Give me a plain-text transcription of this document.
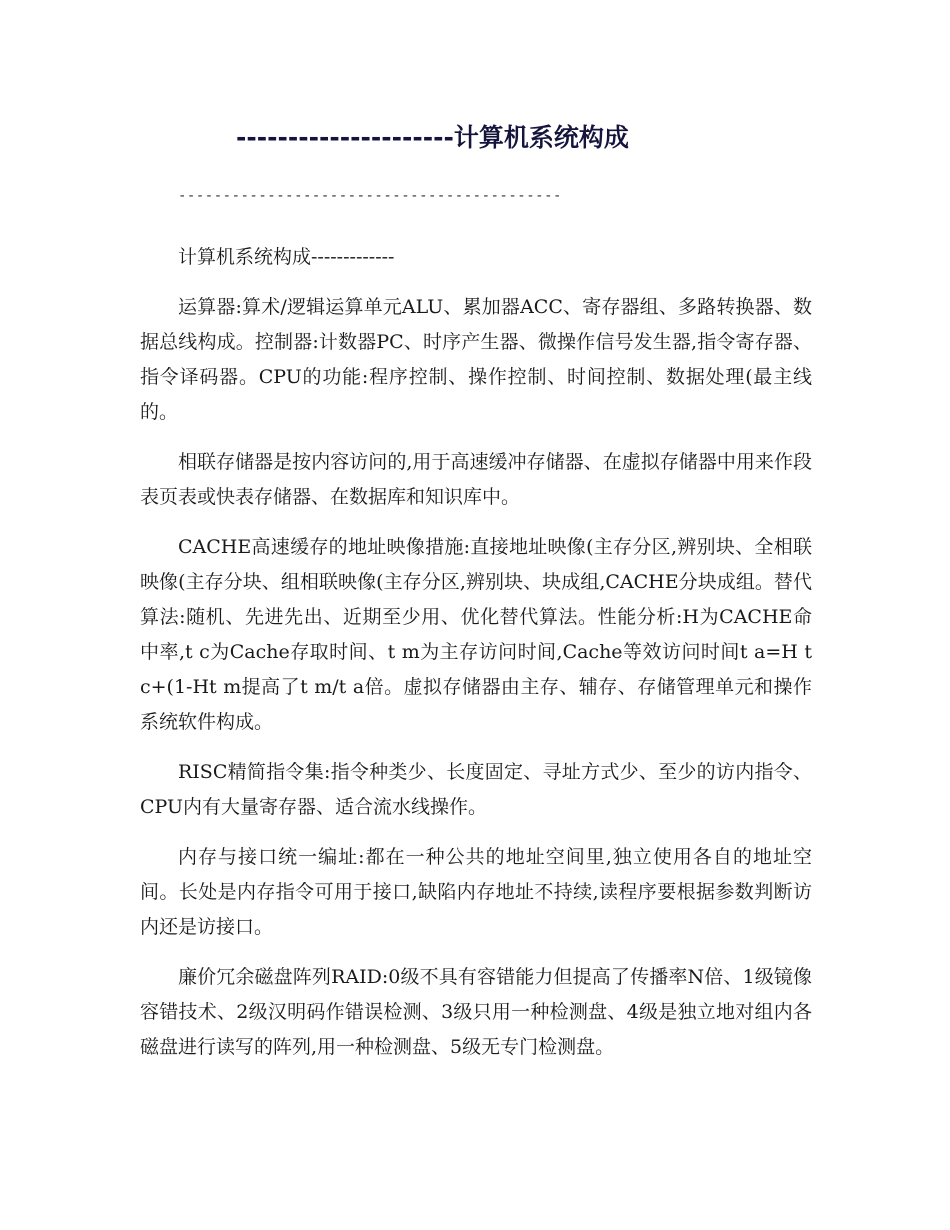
---------------------计算机系统构成
-------------------------------------------

计算机系统构成-------------

运算器:算术/逻辑运算单元ALU、累加器ACC、寄存器组、多路转换器、数据总线构成。控制器:计数器PC、时序产生器、微操作信号发生器,指令寄存器、指令译码器。CPU的功能:程序控制、操作控制、时间控制、数据处理(最主线的。

相联存储器是按内容访问的,用于高速缓冲存储器、在虚拟存储器中用来作段表页表或快表存储器、在数据库和知识库中。

CACHE高速缓存的地址映像措施:直接地址映像(主存分区,辨别块、全相联映像(主存分块、组相联映像(主存分区,辨别块、块成组,CACHE分块成组。替代算法:随机、先进先出、近期至少用、优化替代算法。性能分析:H为CACHE命中率,t c为Cache存取时间、t m为主存访问时间,Cache等效访问时间t a=H t c+(1-Ht m提高了t m/t a倍。虚拟存储器由主存、辅存、存储管理单元和操作系统软件构成。

RISC精简指令集:指令种类少、长度固定、寻址方式少、至少的访内指令、CPU内有大量寄存器、适合流水线操作。

内存与接口统一编址:都在一种公共的地址空间里,独立使用各自的地址空间。长处是内存指令可用于接口,缺陷内存地址不持续,读程序要根据参数判断访内还是访接口。

廉价冗余磁盘阵列RAID:0级不具有容错能力但提高了传播率N倍、1级镜像容错技术、2级汉明码作错误检测、3级只用一种检测盘、4级是独立地对组内各磁盘进行读写的阵列,用一种检测盘、5级无专门检测盘。
